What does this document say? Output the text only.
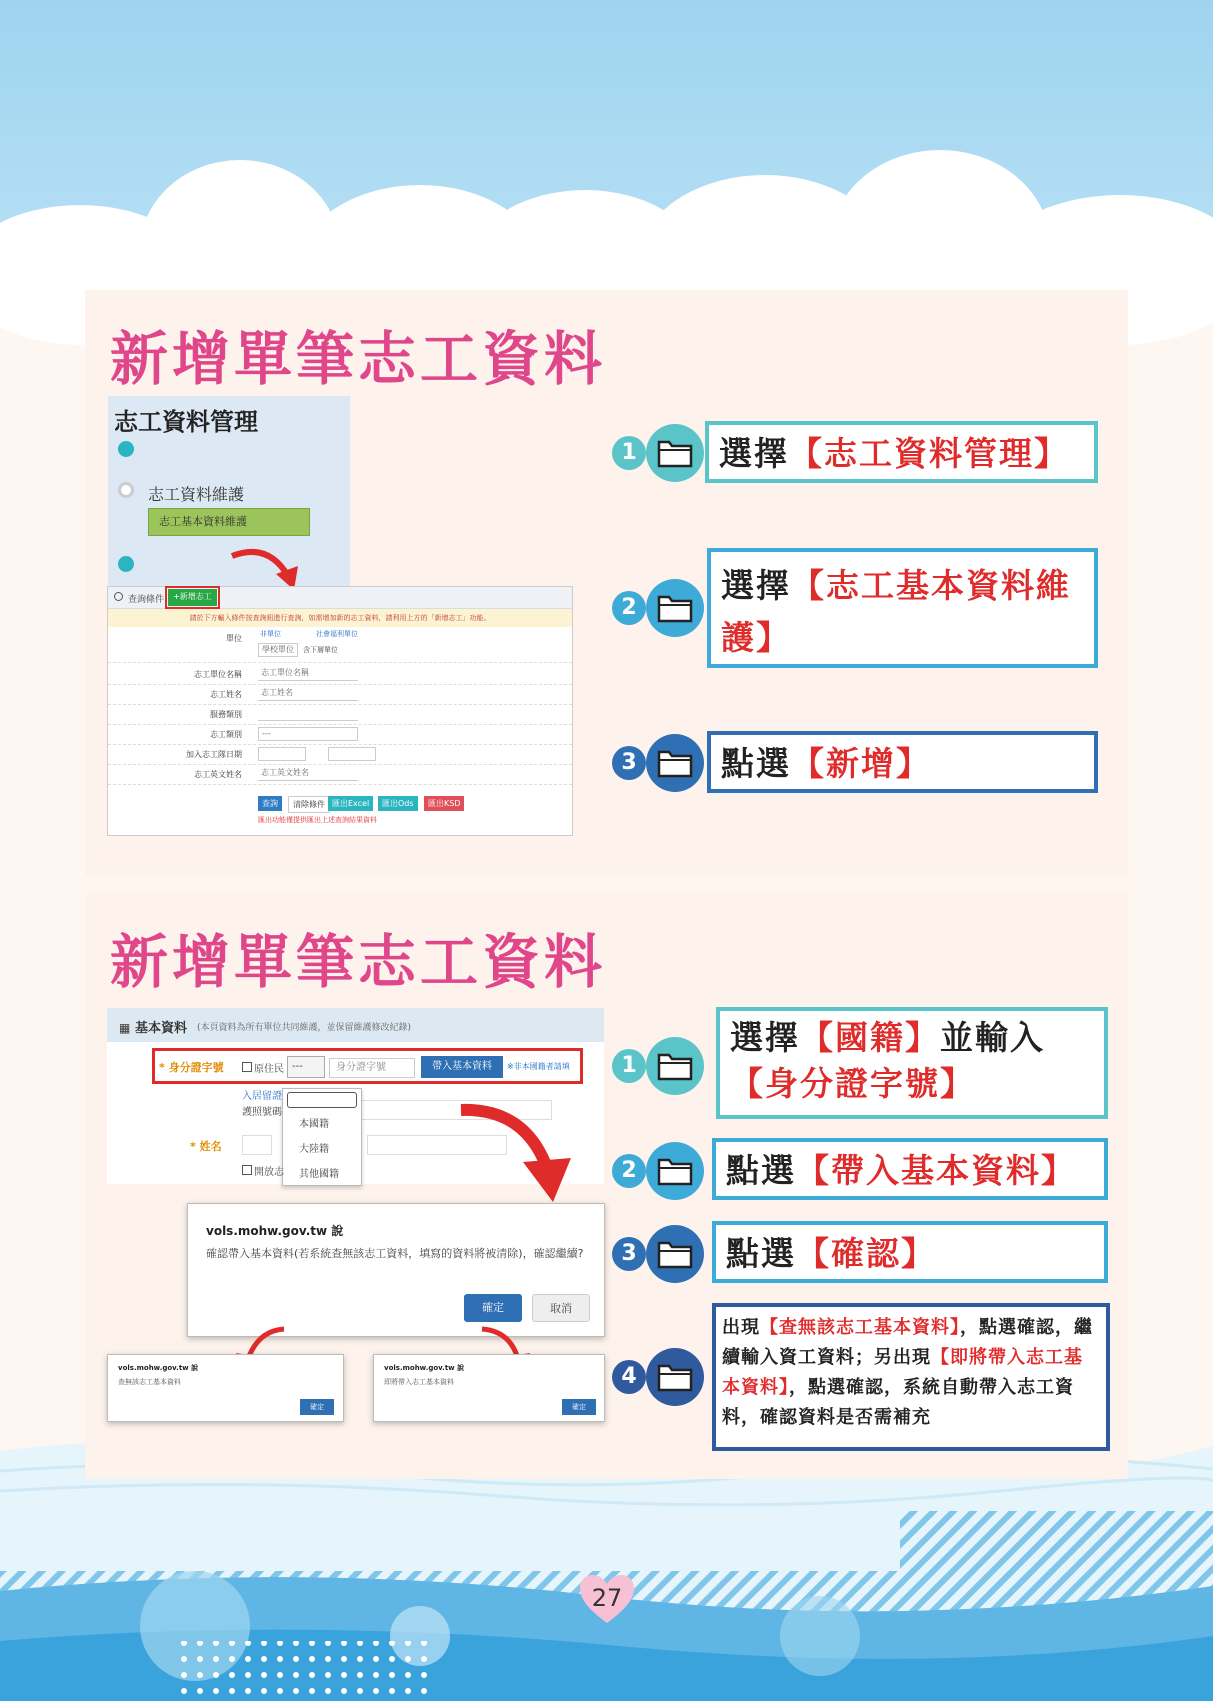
27
新增單筆志工資料
志工資料管理
志工資料維護
志工基本資料維護
查詢條件	+新增志工
請於下方輸入條件按查詢鈕進行查詢，如需增加新的志工資料，請利用上方的「新增志工」功能。
單位	非單位	社會福利單位
學校單位	含下層單位
志工單位名稱	志工單位名稱
志工姓名	志工姓名
服務類別
志工類別	---
加入志工隊日期
志工英文姓名	志工英文姓名
查詢	清除條件 匯出Excel	匯出Ods	匯出KSD
匯出功能僅提供匯出上述查詢結果資料
1	選擇【志工資料管理】
2
選擇【志工基本資料維護】
3	點選【新增】
新增單筆志工資料
▦ 基本資料 (本頁資料為所有單位共同維護，並保留維護修改紀錄)
* 身分證字號	原住民 ---	身分證字號	帶入基本資料	※非本國籍者請填
入居留證
護照號碼
本國籍
大陸籍
其他國籍
* 姓名
開放志
vols.mohw.gov.tw 說
確認帶入基本資料(若系統查無該志工資料，填寫的資料將被清除)，確認繼續?
確定	取消
vols.mohw.gov.tw 說
查無該志工基本資料
確定
vols.mohw.gov.tw 說
即將帶入志工基本資料
確定
1
選擇【國籍】並輸入
【身分證字號】
2	點選【帶入基本資料】
3	點選【確認】
4
出現【查無該志工基本資料】，點選確認，繼續輸入資工資料；另出現【即將帶入志工基本資料】，點選確認，系統自動帶入志工資料，確認資料是否需補充
